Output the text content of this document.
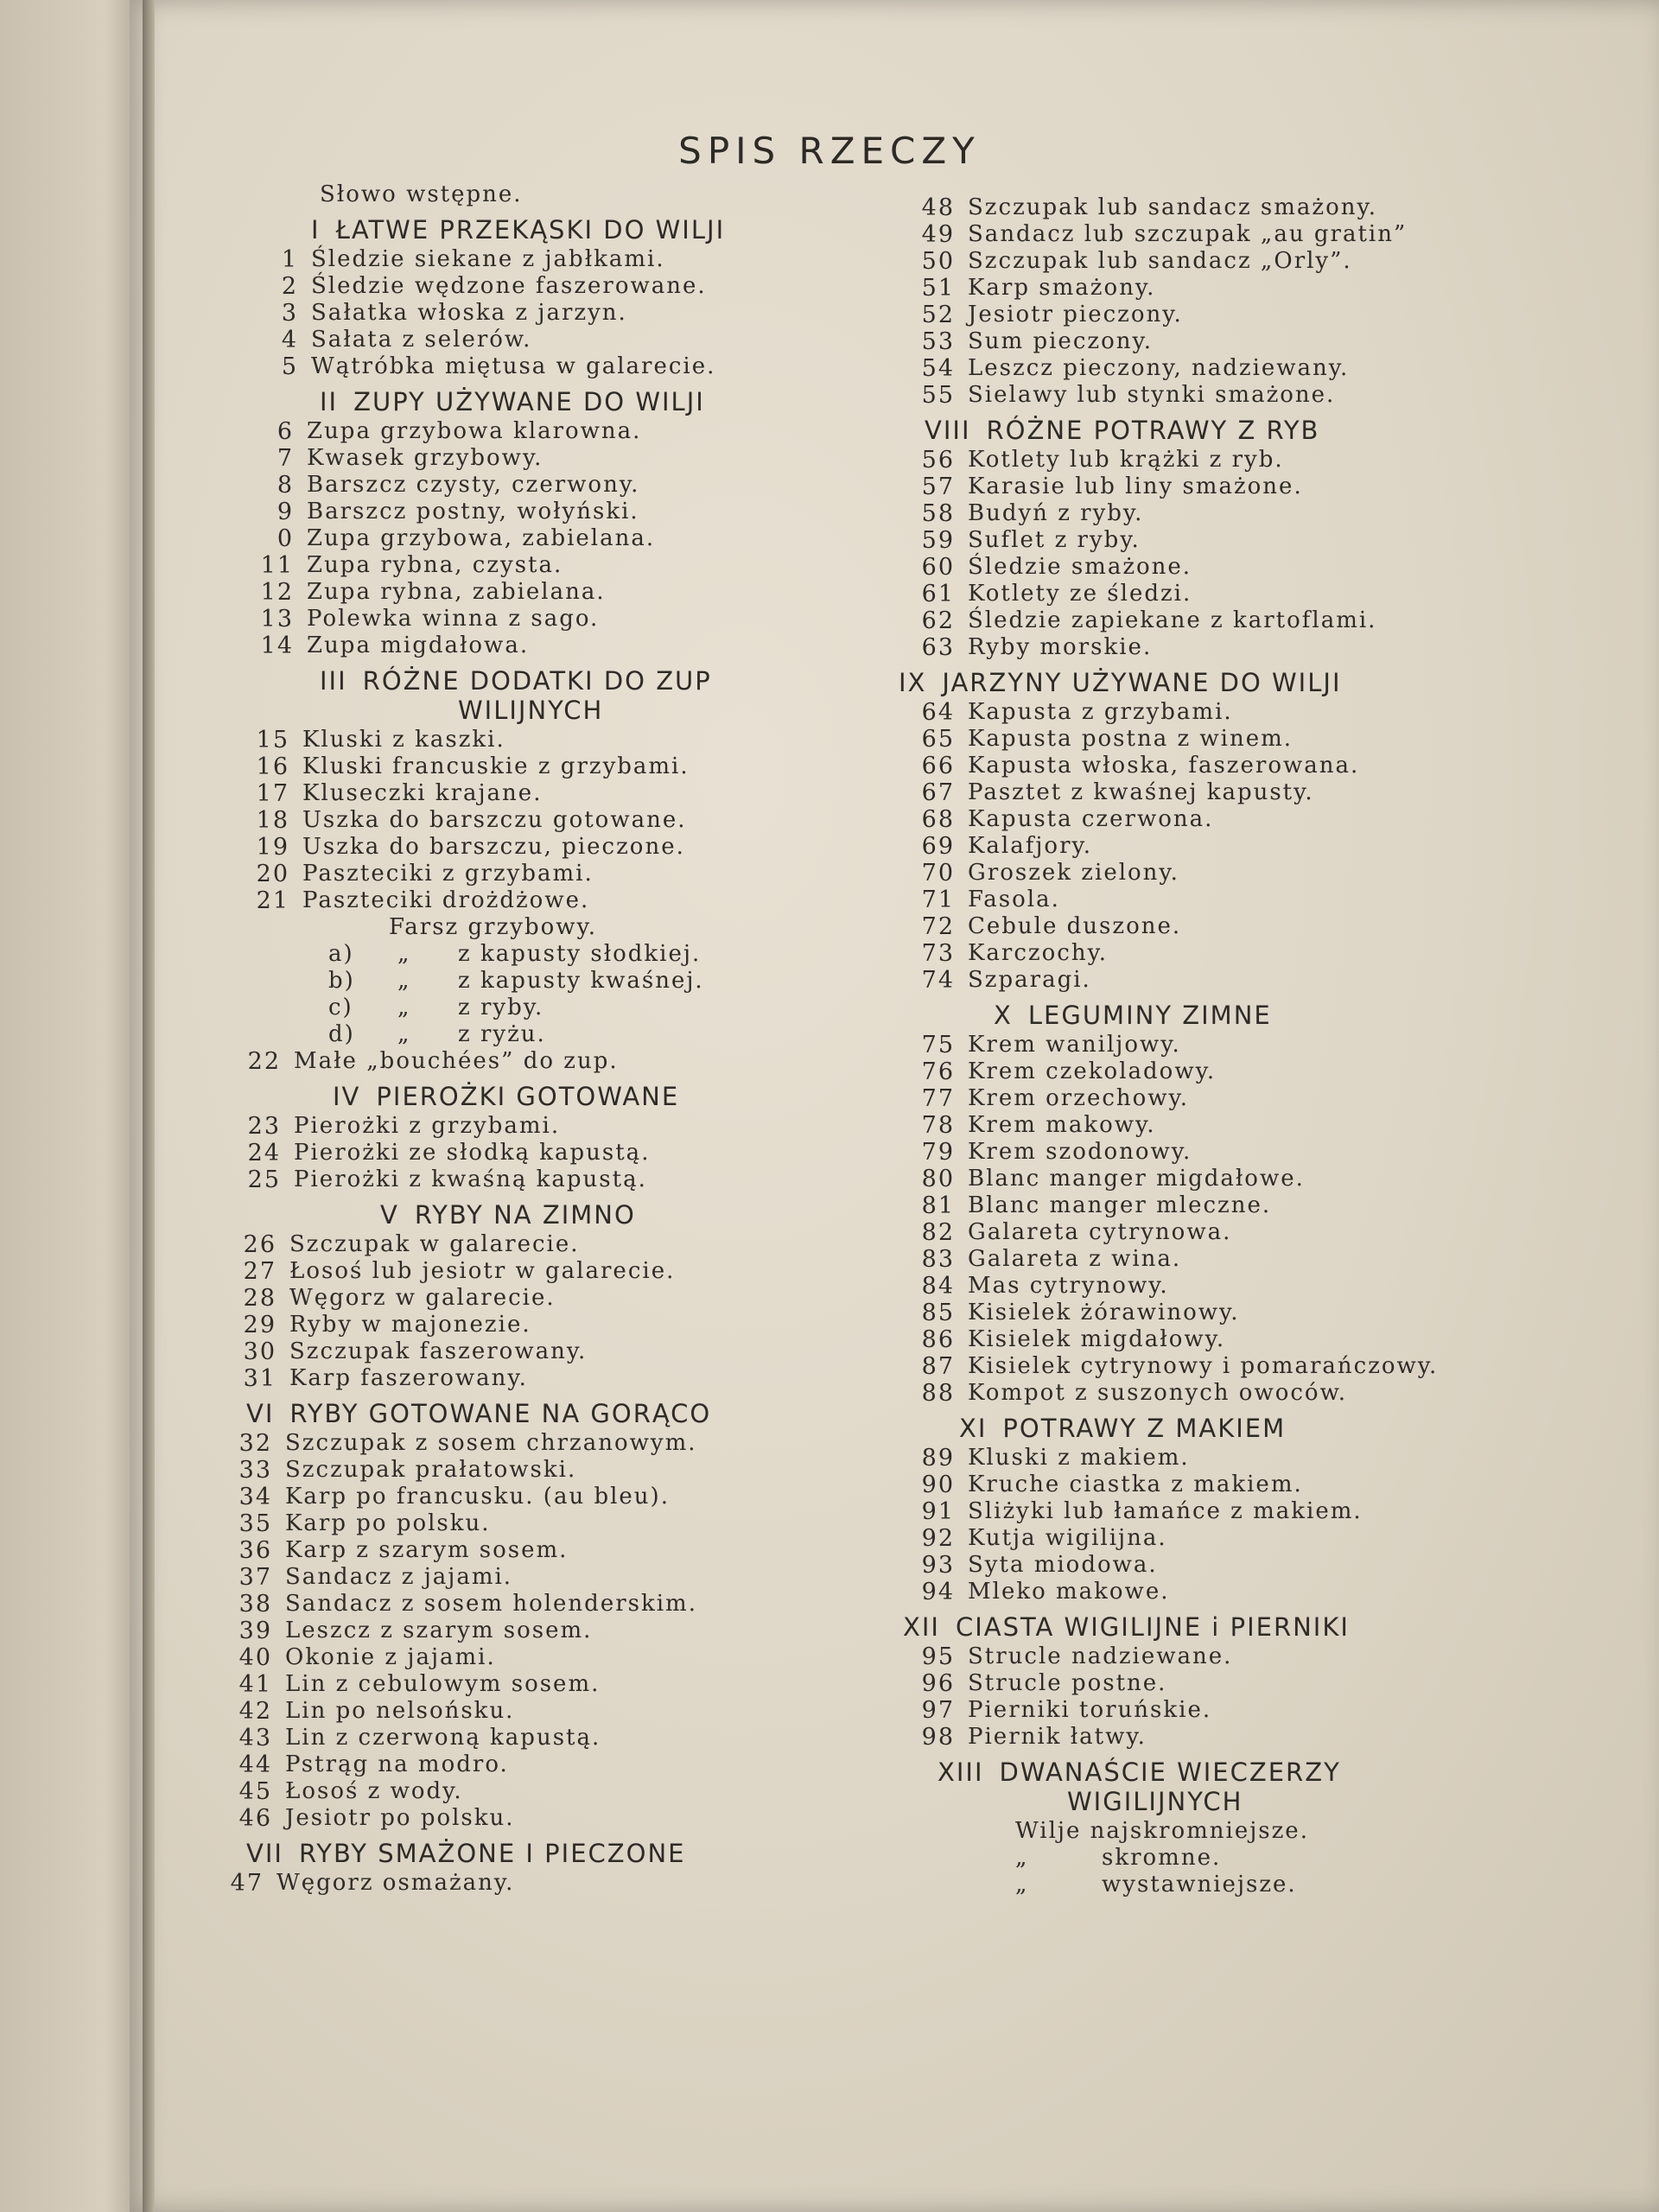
SPIS RZECZY
Słowo wstępne.
I ŁATWE PRZEKĄSKI DO WILJI
1 Śledzie siekane z jabłkami.
2 Śledzie wędzone faszerowane.
3 Sałatka włoska z jarzyn.
4 Sałata z selerów.
5 Wątróbka miętusa w galarecie.
II ZUPY UŻYWANE DO WILJI
6 Zupa grzybowa klarowna.
7 Kwasek grzybowy.
8 Barszcz czysty, czerwony.
9 Barszcz postny, wołyński.
0 Zupa grzybowa, zabielana.
11 Zupa rybna, czysta.
12 Zupa rybna, zabielana.
13 Polewka winna z sago.
14 Zupa migdałowa.
III RÓŻNE DODATKI DO ZUP
WILIJNYCH
15 Kluski z kaszki.
16 Kluski francuskie z grzybami.
17 Kluseczki krajane.
18 Uszka do barszczu gotowane.
19 Uszka do barszczu, pieczone.
20 Paszteciki z grzybami.
21 Paszteciki drożdżowe.
Farsz grzybowy.
a)	„ z kapusty słodkiej.
b)	„ z kapusty kwaśnej.
c)	„ z ryby.
d)	„ z ryżu.
22 Małe „bouchées” do zup.
IV PIEROŻKI GOTOWANE
23 Pierożki z grzybami.
24 Pierożki ze słodką kapustą.
25 Pierożki z kwaśną kapustą.
V RYBY NA ZIMNO
26 Szczupak w galarecie.
27 Łosoś lub jesiotr w galarecie.
28 Węgorz w galarecie.
29 Ryby w majonezie.
30 Szczupak faszerowany.
31 Karp faszerowany.
VI RYBY GOTOWANE NA GORĄCO
32 Szczupak z sosem chrzanowym.
33 Szczupak prałatowski.
34 Karp po francusku. (au bleu).
35 Karp po polsku.
36 Karp z szarym sosem.
37 Sandacz z jajami.
38 Sandacz z sosem holenderskim.
39 Leszcz z szarym sosem.
40 Okonie z jajami.
41 Lin z cebulowym sosem.
42 Lin po nelsońsku.
43 Lin z czerwoną kapustą.
44 Pstrąg na modro.
45 Łosoś z wody.
46 Jesiotr po polsku.
VII RYBY SMAŻONE I PIECZONE
47 Węgorz osmażany.
48 Szczupak lub sandacz smażony.
49 Sandacz lub szczupak „au gratin”
50 Szczupak lub sandacz „Orly”.
51 Karp smażony.
52 Jesiotr pieczony.
53 Sum pieczony.
54 Leszcz pieczony, nadziewany.
55 Sielawy lub stynki smażone.
VIII RÓŻNE POTRAWY Z RYB
56 Kotlety lub krążki z ryb.
57 Karasie lub liny smażone.
58 Budyń z ryby.
59 Suflet z ryby.
60 Śledzie smażone.
61 Kotlety ze śledzi.
62 Śledzie zapiekane z kartoflami.
63 Ryby morskie.
IX JARZYNY UŻYWANE DO WILJI
64 Kapusta z grzybami.
65 Kapusta postna z winem.
66 Kapusta włoska, faszerowana.
67 Pasztet z kwaśnej kapusty.
68 Kapusta czerwona.
69 Kalafjory.
70 Groszek zielony.
71 Fasola.
72 Cebule duszone.
73 Karczochy.
74 Szparagi.
X LEGUMINY ZIMNE
75 Krem waniljowy.
76 Krem czekoladowy.
77 Krem orzechowy.
78 Krem makowy.
79 Krem szodonowy.
80 Blanc manger migdałowe.
81 Blanc manger mleczne.
82 Galareta cytrynowa.
83 Galareta z wina.
84 Mas cytrynowy.
85 Kisielek żórawinowy.
86 Kisielek migdałowy.
87 Kisielek cytrynowy i pomarańczowy.
88 Kompot z suszonych owoców.
XI POTRAWY Z MAKIEM
89 Kluski z makiem.
90 Kruche ciastka z makiem.
91 Sliżyki lub łamańce z makiem.
92 Kutja wigilijna.
93 Syta miodowa.
94 Mleko makowe.
XII CIASTA WIGILIJNE i PIERNIKI
95 Strucle nadziewane.
96 Strucle postne.
97 Pierniki toruńskie.
98 Piernik łatwy.
XIII DWANAŚCIE WIECZERZY
WIGILIJNYCH
Wilje najskromniejsze.
„	skromne.
„	wystawniejsze.
